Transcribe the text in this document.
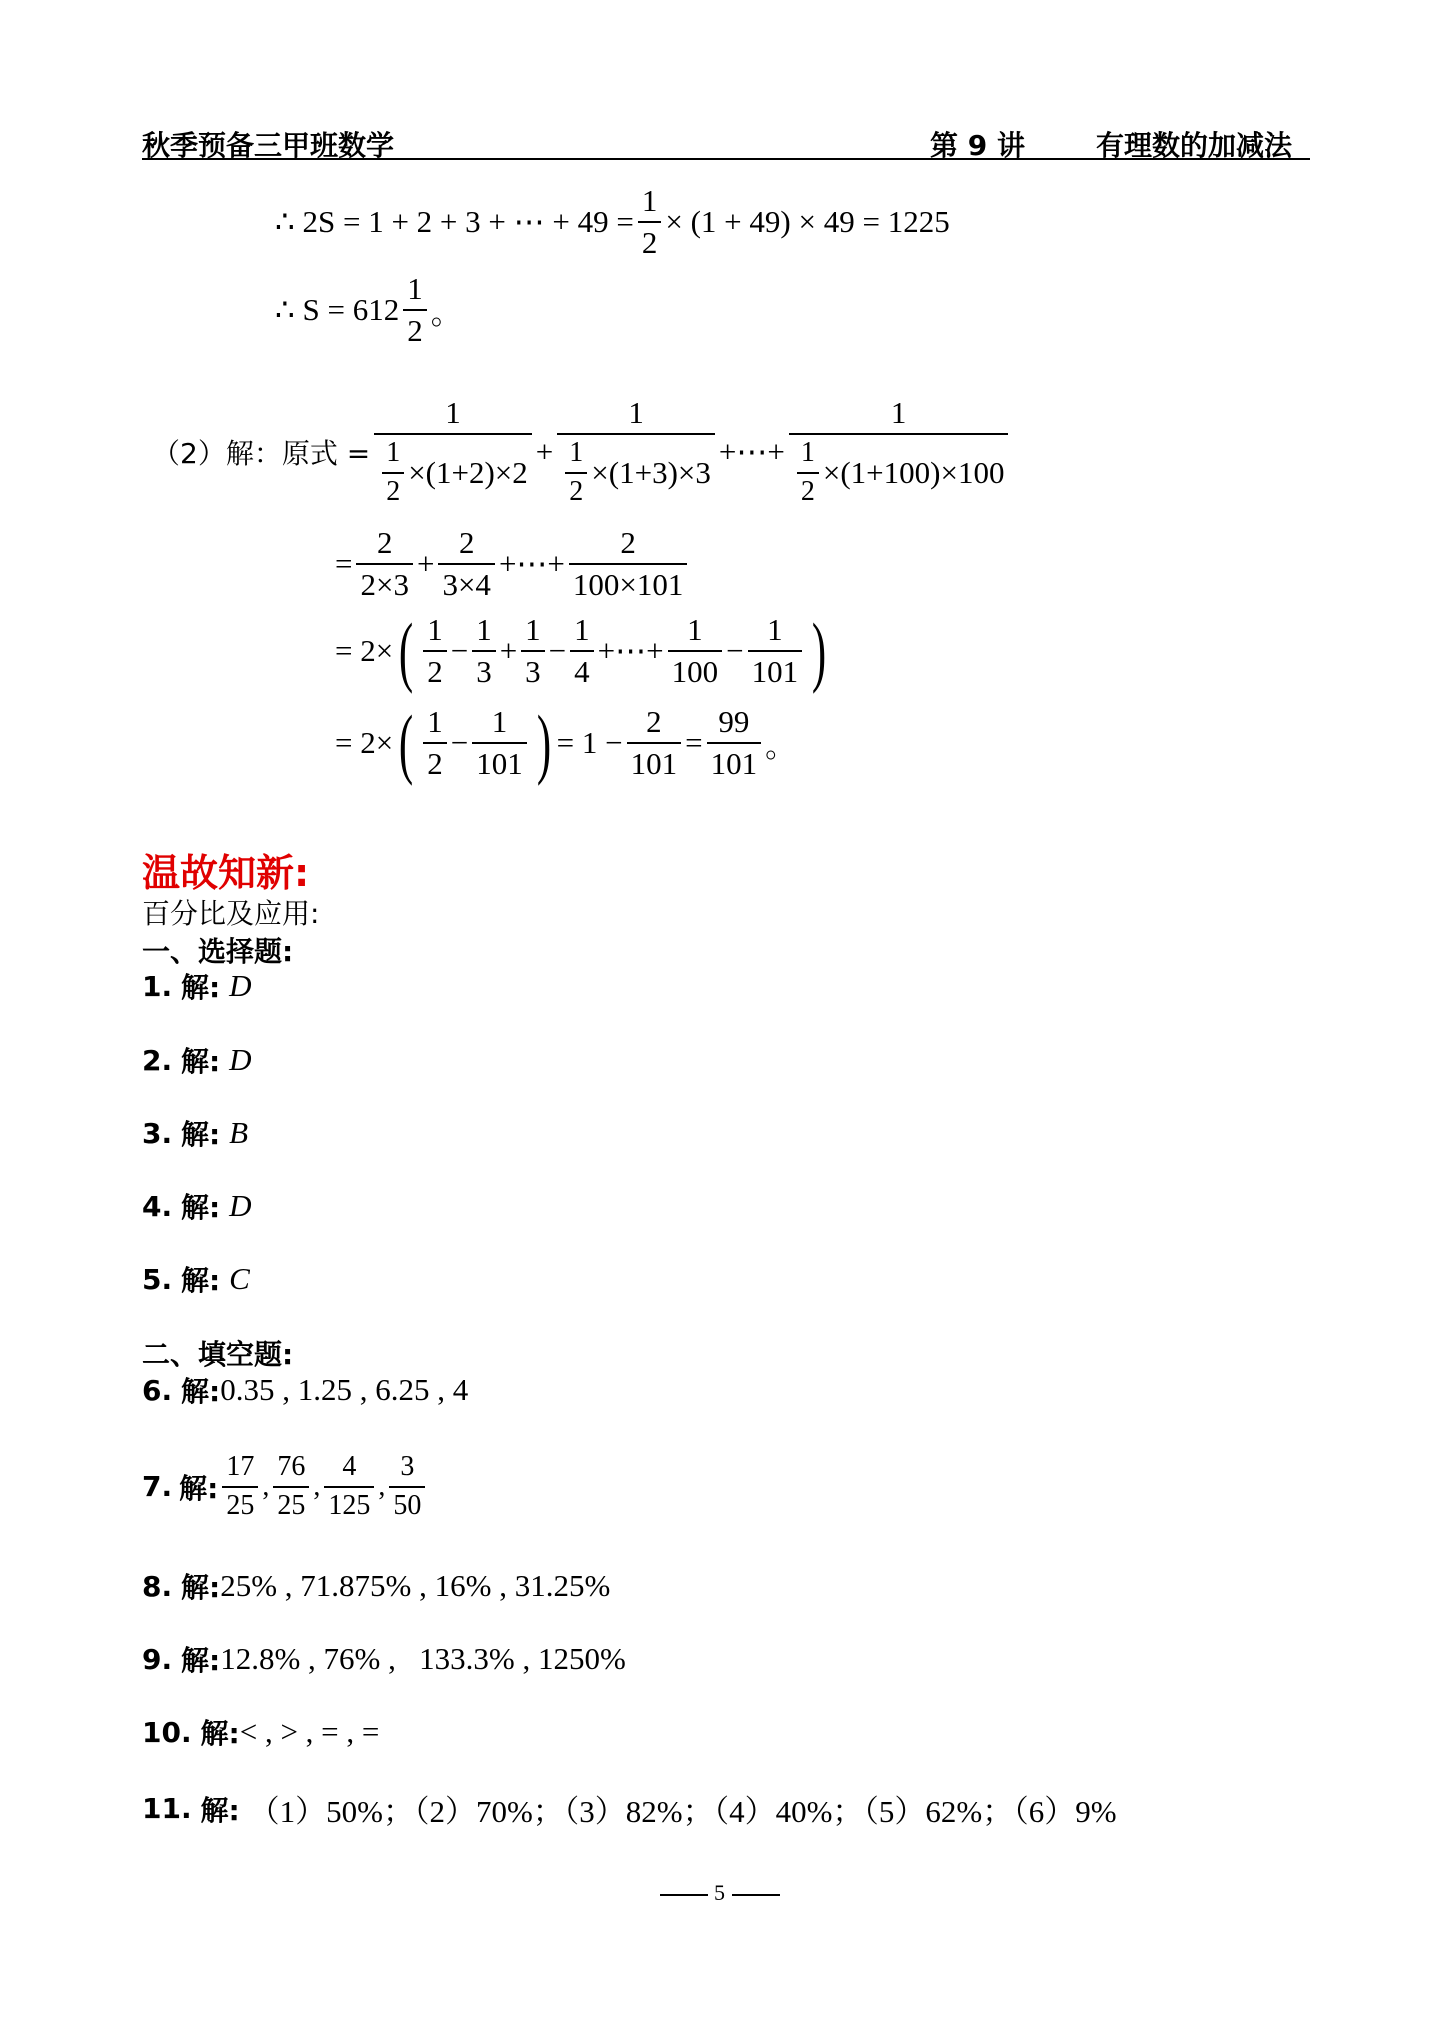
秋季预备三甲班数学	第 9 讲	有理数的加减法
∴ 2S = 1 + 2 + 3 + ⋯ + $49 = \frac{1}{2} \times (1 + 49) \times 49 = 1225$
∴ $S = 612 \frac{1}{2}$ 。
（2）解：原式 = $\frac{1}{\frac{1}{2} \times(1+2)\times 2} + \frac{1}{\frac{1}{2} \times(1+3)\times 3}$ +⋯+ $\frac{1}{\frac{1}{2} \times(1+100)\times 100}$
= $\frac{2}{2\times 3} + \frac{2}{3\times 4}$ +⋯+ $\frac{2}{100\times 101}$
= 2× ( $\frac{1}{2} - \frac{1}{3} + \frac{1}{3} - \frac{1}{4}$ +⋯+ $\frac{1}{100} - \frac{1}{101}$ )
= 2× ( $\frac{1}{2} - \frac{1}{101}$ ) = $1 - \frac{2}{101} = \frac{99}{101}$ 。
温故知新:
百分比及应用:
一、选择题:
1.
解:
D
2.
解:
D
3.
解:
B
4.
解:
D
5.
解:
C
二、填空题:
6.
解: 0.35 , 1.25 , 6.25 , 4
7.
解: $\frac{17}{25}$ , $\frac{76}{25}$ , $\frac{4}{125}$ , $\frac{3}{50}$
8.
解: 25% , 71.875% , 16% , 31.25%
9.
解: 12.8% , 76% ,   133.3% , 1250%
10.
解: < , > , = , =
11.
解:
（1）50%；（2）70%；（3）82%；（4）40%；（5）62%；（6）9%
5
